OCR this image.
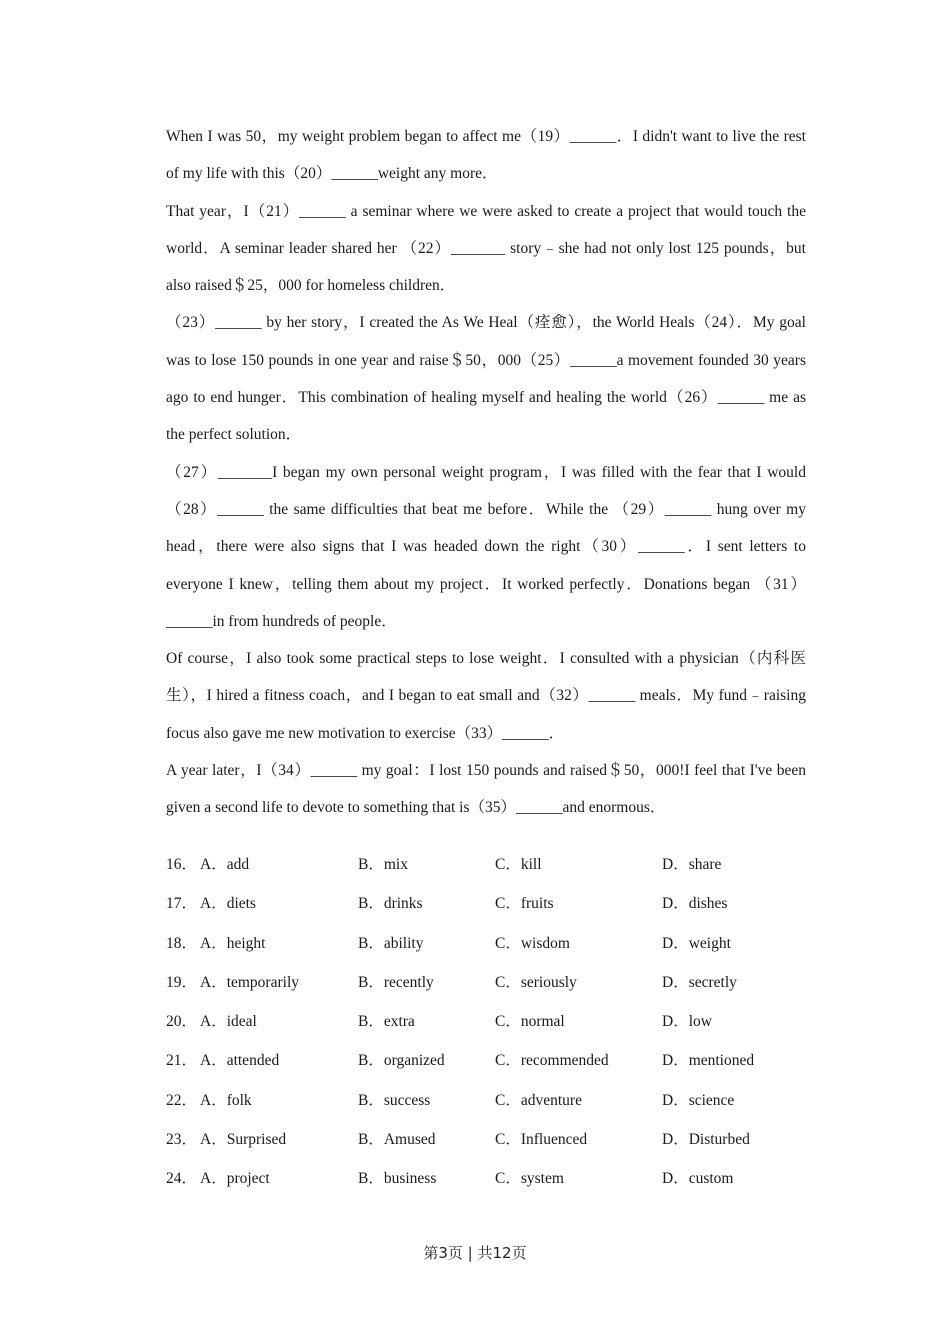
When I was 50，my weight problem began to affect me（19）______．I didn't want to live the rest of my life with this（20）______weight any more．

That year，I（21）______ a seminar where we were asked to create a project that would touch the world．A seminar leader shared her （22）_______ story﹣she had not only lost 125 pounds，but also raised＄25，000 for homeless children．

（23）______ by her story，I created the As We Heal（痊愈），the World Heals（24）．My goal was to lose 150 pounds in one year and raise＄50，000（25）______a movement founded 30 years ago to end hunger．This combination of healing myself and healing the world（26）______ me as the perfect solution．

（27）_______I began my own personal weight program，I was filled with the fear that I would（28）______ the same difficulties that beat me before．While the （29）______ hung over my head，there were also signs that I was headed down the right（30）______．I sent letters to everyone I knew，telling them about my project．It worked perfectly．Donations began （31）______in from hundreds of people．

Of course，I also took some practical steps to lose weight．I consulted with a physician（内科医生），I hired a fitness coach，and I began to eat small and（32）______ meals．My fund﹣raising focus also gave me new motivation to exercise（33）______．

A year later，I（34）______ my goal：I lost 150 pounds and raised＄50，000!I feel that I've been given a second life to devote to something that is（35）______and enormous．

16． A．add	B．mix	C．kill	D．share
17． A．diets	B．drinks	C．fruits	D．dishes
18． A．height	B．ability	C．wisdom	D．weight
19． A．temporarily	B．recently	C．seriously	D．secretly
20． A．ideal	B．extra	C．normal	D．low
21． A．attended	B．organized	C．recommended	D．mentioned
22． A．folk	B．success	C．adventure	D．science
23． A．Surprised	B．Amused	C．Influenced	D．Disturbed
24． A．project	B．business	C．system	D．custom
第3页 | 共12页
